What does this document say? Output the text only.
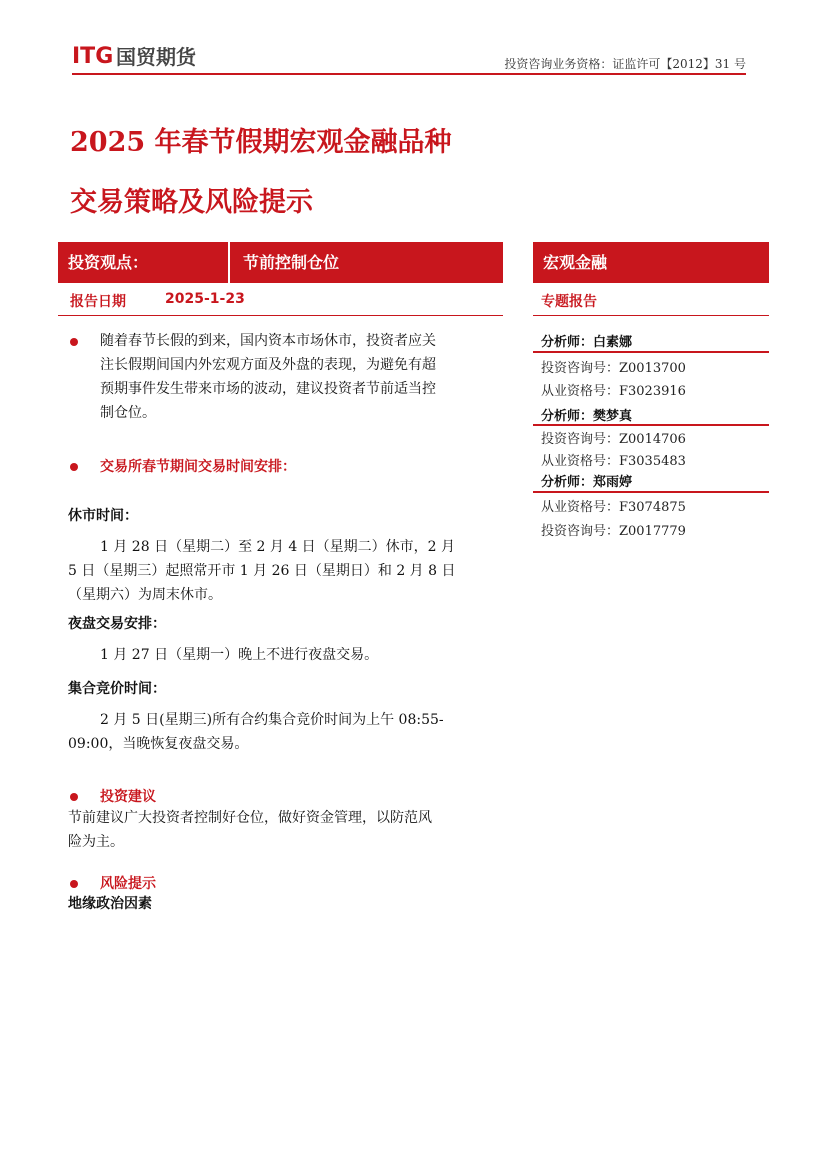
ITG 国贸期货	投资咨询业务资格：证监许可【2012】31 号
2025 年春节假期宏观金融品种
交易策略及风险提示
投资观点：	节前控制仓位	宏观金融
报告日期	2025-1-23	专题报告
分析师：白素娜
投资咨询号：Z0013700
从业资格号：F3023916
分析师：樊梦真
投资咨询号：Z0014706
从业资格号：F3035483
分析师：郑雨婷
从业资格号：F3074875
投资咨询号：Z0017779
随着春节长假的到来，国内资本市场休市，投资者应关
注长假期间国内外宏观方面及外盘的表现，为避免有超
预期事件发生带来市场的波动，建议投资者节前适当控
制仓位。
交易所春节期间交易时间安排：
休市时间：
1 月 28 日（星期二）至 2 月 4 日（星期二）休市，2 月
5 日（星期三）起照常开市 1 月 26 日（星期日）和 2 月 8 日
（星期六）为周末休市。
夜盘交易安排：
1 月 27 日（星期一）晚上不进行夜盘交易。
集合竞价时间：
2 月 5 日(星期三)所有合约集合竞价时间为上午 08:55-
09:00，当晚恢复夜盘交易。
投资建议
节前建议广大投资者控制好仓位，做好资金管理，以防范风
险为主。
风险提示
地缘政治因素
